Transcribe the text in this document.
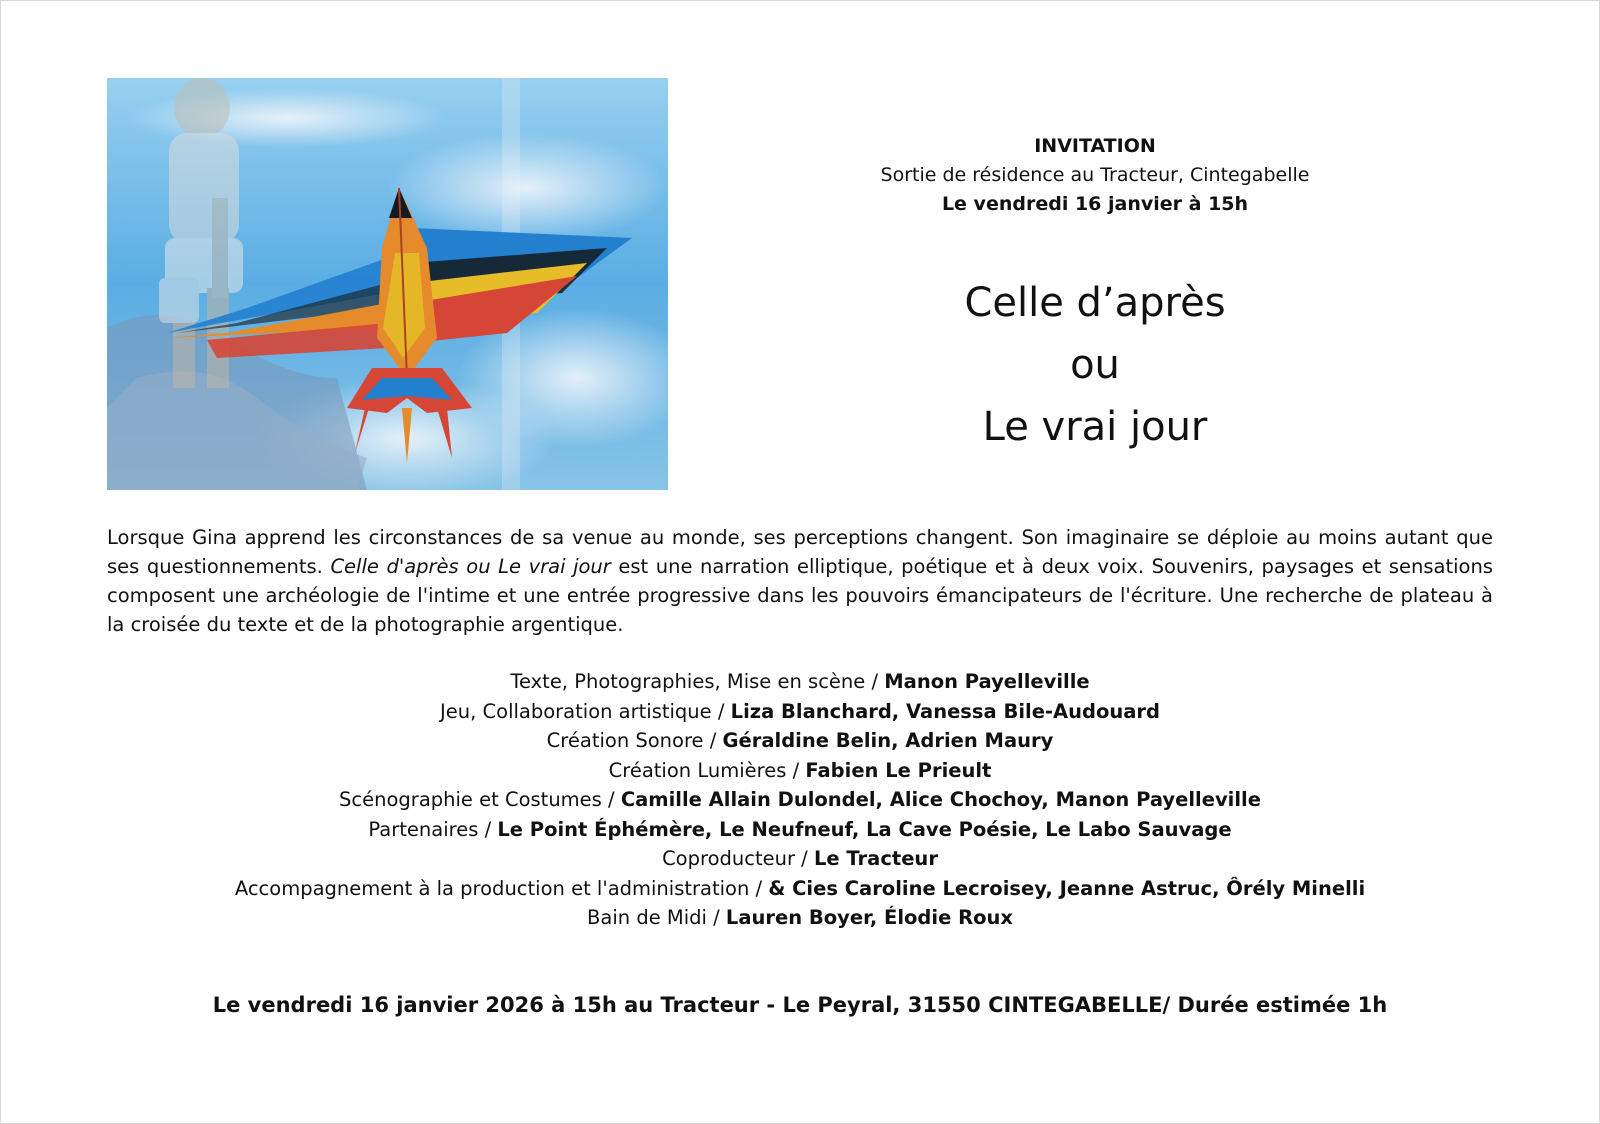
INVITATION
Sortie de résidence au Tracteur, Cintegabelle
Le vendredi 16 janvier à 15h
Celle d’après
ou
Le vrai jour
Lorsque Gina apprend les circonstances de sa venue au monde, ses perceptions changent. Son imaginaire se déploie au moins autant que ses questionnements. Celle d'après ou Le vrai jour est une narration elliptique, poétique et à deux voix. Souvenirs, paysages et sensations composent une archéologie de l'intime et une entrée progressive dans les pouvoirs émancipateurs de l'écriture. Une recherche de plateau à la croisée du texte et de la photographie argentique.
Texte, Photographies, Mise en scène / Manon Payelleville
Jeu, Collaboration artistique / Liza Blanchard, Vanessa Bile-Audouard
Création Sonore / Géraldine Belin, Adrien Maury
Création Lumières / Fabien Le Prieult
Scénographie et Costumes / Camille Allain Dulondel, Alice Chochoy, Manon Payelleville
Partenaires / Le Point Éphémère, Le Neufneuf, La Cave Poésie, Le Labo Sauvage
Coproducteur / Le Tracteur
Accompagnement à la production et l'administration / & Cies Caroline Lecroisey, Jeanne Astruc, Ôrély Minelli
Bain de Midi / Lauren Boyer, Élodie Roux
Le vendredi 16 janvier 2026 à 15h au Tracteur - Le Peyral, 31550 CINTEGABELLE/ Durée estimée 1h
